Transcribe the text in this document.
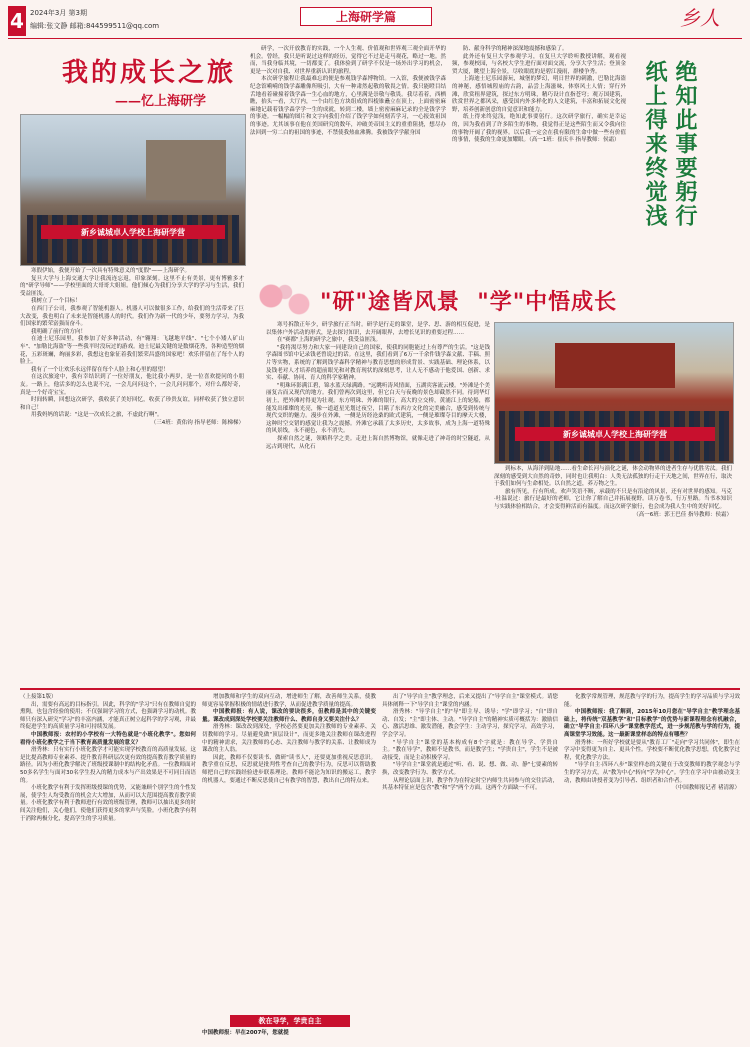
4 2024年3月 第3期
编辑:张文静 邮箱:844599511@qq.com
上海研学篇	乡人
我的成长之旅
——忆上海研学
新乡诚城卓人学校上海研学营

寒假伊始，我便开始了一次具有特殊意义的"度假"——上海研学。

复旦大学与上海交通大学让我流连忘返，印象深刻。这里不止有美景，更有博雅多才的"研学导师"——学校里面的大哥哥大姐姐。他们倾心为我们分享大学的学习与生活，我们受益匪浅。

我树立了一个目标！

在西门子公司，我参观了智能机器人。机器人可以做很多工作，给我们的生活带来了巨大改变，我也明白了未来是智能机器人的时代。我们作为新一代的少年，要努力学习，为我们国家的繁荣富强而奋斗。

我明确了前行的方向！

在迪士尼乐园里，我参加了好多种活动，有"翱翔：飞越地平线"、"七个小矮人矿山车"、"加勒比海盗"等一些我平时没玩过的游戏。迪士尼最关键的是数烟花秀，各种造型的烟花，五彩斑斓，绚丽多彩，我想这也象征着我们繁荣昌盛的国家吧！欢乐伴留在了每个人的脸上。

我有了一个让欢乐永远伴留在每个人脸上和心里的愿望！

在这次旅途中，我有幸结识到了一位好朋友，他比我小两岁，是一位喜欢提问的小朋友。一路上，他活多的怎么也说不完，一会儿问问这个，一会儿问问那个，对什么都好奇，真是一个好奇宝宝。

时间转瞬，回想这次研学，我收获了美好回忆，收获了珍贵友谊，同样收获了独立意识和自己！

用我妈妈的话说："这是一次成长之旅，不虚此行啊"。

（三4班：黄佑钧 指导老师：陈梯梯）

研学，一次开放教育的实践，一个人生观、价值观和世界观三观全面开华的机会。曾经，我只是听说过这样的经历，觉得它不过是走马观花，略过一地。然而，当我身临其境，一切都变了。我体验到了研学不仅是一场外出学习的机会，更是一次对自我、对世界重新认识的旅程。

本次研学旅程让我最难忘的便是参观钱学森博物馆。一入馆，我便被钱学森纪念馆嗬嗬的钱学森雕像所吸引，大有一种肃然起敬的敬畏之情。我只能瞪目结舌地看着碰撞着钱学森一生心血的地方，心里满是崇敬与敬畏。我尽着着，西栖瞧，抬头一看，大厅内，一个由红色方块组成的四棱锥矗立在顶上，上面密密麻麻地记载着钱学森学学一生的成就，转到二楼，墙上密密麻麻记录的全是钱学学的事迹。一幅幅的图片和文字向我们介绍了钱学学如何刻苦学习，一心报效祖国的事迹。尤其该事在他在美国研究的数年，冲破美帝国主义的重重阻挠，想尽办法回到一穷二白的祖国的事迹，不禁使我热血沸腾。我被钱学学献身国

防、献身科学的精神深深地震撼和感染了。

此外还有复旦大学参观学习，在复旦大学聆听教授讲解，观看视频，参观校园，与名校大学生进行面对面交流，分享大学生活；登顶金贸大厦，眺望上海全景，尽收眼底的是碧江漫雨，群楼争秀。

上海迪士尼乐园游玩，城堡的梦幻，明日世界的刺激，巴勒比海盗的神秘，感悟城隍庙的古韵，品尝上海滋味，体察风土人情；穿行外滩，欣赏租界建筑，探过东方明珠，精巧设计直指苍穹；观万国建筑，欣赏世界之都风采，感受国内外多样化的人文建筑，丰富和拓展文化视野，培养创新创意的自觉意识和能力。

纸上得来终觉浅，绝知此事要躬行。这次研学旅行，确实是幸运的，因为我看到了许多陌生的事物，我觉得正是这些陌生而又令我向往的事物开阔了我的视界。以后我一定会在我有限的生命中做一些有价值的事情，使我的生命更加耀眼。（高一1班：崔庆丰 指导教师：侯霜） 绝知此事要躬行
纸上得来终觉浅
"研"途皆风景  "学"中悟成长

寒号拆散正年少，研学旅行正当时。研学是行走的课堂，是学、思、游的相互促进，是以集体户外活动的形式，是去探讨知识，去开阔眼界，去增长见识的重要过程……

在"赛都"上海的研学之旅中，我受益匪浅。

"我将渴尽努力和大家一同建设自己的国家，使我的同胞能过上有尊严的生活。"这是钱学森图书馆中记录钱老曾说过的话。在这里，我们看到了6万一千余件钱学森文献、手稿、照片等实物，系统的了解到钱学森科学精神与教育思想的形成背景、实践基础、理论体系，以及钱老对人才培养的超前眼光和对教育现状的深刻思考，让人无不感动于他爱国、创新、求实、奉献、协同、育人的科学家精神。

"明珠环影满江碧，锦水蓝天绿满路。"远眺听涛风情面，五湖宾客流云楼。"外滩是个美丽复古而又现代的地方。我们曾两次到这里，但它白天与夜晚的景色却截然不同。待到华灯初上，把外滩衬得更为壮观。东方明珠、外滩的银行，高大的立交桥，黄浦江上的轮船，都能发出璀璨的光亮，像一道道星光划过夜空，目睹了东西方文化的完美融合，感受到传统与现代交织的魅力。漫步在外滩，一侧是历经沧桑的欧式建筑，一侧是璀璨夺目的摩天大楼，这种时空交错的感觉让我为之震撼。外滩它承载了太多历史，太多故事，成为上海一道特殊的风景线，永不褪色，永不消失。

探索自然之谜，领略科学之美。走进上海自然博物馆，就像走进了神奇的时空隧道，从远古到现代，从化石

新乡诚城卓人学校上海研学营

到标本，从海洋到陆地……看生命长河与演化之谜，体会动物界的进者生存与优胜劣汰。我们深刻的感受到大自然的奇妙，同时也让我明白：人类无法孤独的行走于天地之间，世界在行，取决于我们如何与生命相处。以自然之道，养万物之生。

旅有所见，行有所成。欢声笑语不断，承载的不只是有沿途的风景，还有对世界的感知。马克·吐温说过：旅行是最好的老师，它让你了解自己并拓展视野。读万卷书，行万里路。当书本知识与实践体验相结合，才会变得鲜活而有温度。而这次研学旅行，也会成为我人生中的美好回忆。

（高一6班：郭王巴佳 指导教师：侯霜）

（上接第1版）

出，需要有高远的目标指引。因此，科学的"学习"只有在教师自觉的熏陶，也包含经验的使用；不仅强调学习的方式，也强调学习的动机。教师只有深入研究"学习"的丰富内涵，才能真正树立起科学的学习观，并最终促进学生的高质量学习和可持续发展。

中国教师报：农村的小学校有一大特色就是"小班化教学"。您如何看待小班化教学之于当下教育高质量发展的意义？

滑秀林：只有实行小班化教学才可能实现学校教育的高质量发展。这是比提高教师专业素养、提升教育科研层次更有效的提高教育教学质量的路径。因为小班化教学解决了班级授课制中的结构化矛盾。一位教师面对50多名学生与面对30名学生投入的精力成本与产出效果是不可同日而语的。

小班化教学有利于发挥班级授课的优势，又能兼顾个别学生的个性发展，使学生人均受教育的机会大大增加，从而可以大范围提高教育教学质量。小班化教学有利于教师进行有效的班级管理，教师可以抽出更多的时间关注他们，关心他们，使他们获得更多的掌声与笑脸。小班化教学有利于消除两极分化，提高学生的学习质量。

增加教师和学生的双向互动，增进师生了解，改善师生关系，使教师更容易掌握积极的情绪进行教学，从而促进教学质量的提高。

中国教师报：有人说，课改的要诀很多，但教师是其中的关键变量。课改成到深处学校要关注教师什么、教师自身又要关注什么？

滑秀林：课改改到深处，学校必然要更加关注教师的专业素养、关切教师的学习。尽量避免做"顶层设计"，而更多地关注教师在课改进程中的精神需求，关注教师的心态、关注教师与教学的关系、让教师成为课改的主人翁。

因此，教师不仅要读书、做研"读书人"，还要更加重视反思意识。教学重在反思，反思就是批判性考查自己的教学行为，反思可以帮助教师把自己的实践经验进步联系理论。教师不能沦为知识的搬运工，教学的机器人，要通过不断反思使自己有教学的智慧，教出自己的特点来。

教在导学，学贵自主
中国教师报：早在2007年，您就提

出了"导学自主"教学理念，后来又提出了"导学自主"课堂模式。请您具体阐释一下"导学自主"课堂的内涵。

滑秀林："导学自主"的"导"即主导、诱导；"学"即学习；"自"即自动、自发；"主"即主体、主动。"导学自主"的精神实质可概括为：激励信心、激活思维、激发潜能，教会学生：主动学习，探究学习，高效学习，学会学习。

"导学自主"课堂的基本构成有8个字就是：教在导学、学贵自主。"教在导学"，教师不是教书，而是教学生；"学贵自主"，学生不是被动接受，而是主动积极学习。

"导学自主"课堂就是通过"听、看、说、想、做、动、静"七要素的转换，改变教学行为、教学方式。

从理论层面上讲，教学作为在特定时空内师生共同参与的交往活动，其基本特征应是包含"教"和"学"两个方面。这两个方面缺一不可。

化教学常规管理，规范教与学的行为，提高学生的学习品质与学习效能。

中国教师报：我了解到，2015年10月您在"导学自主"教学理念基础上，将传统"双基教学"和"目标教学"的优势与新课程理念有机融合，确立"导学自主·四环八步"课堂教学范式，进一步规范教与学的行为，提高课堂学习效能。这一最新课堂样态的特点有哪些？

滑秀林：一所好学校就是要从"教育工厂"走向"学习共同体"，即生在学习中变得更为自主、更具个性。学校要不断优化教学思想，优化教学过程，优化教学方法。

"导学自主·四环八步"课堂样态的关键在于改变教师的教学观念与学生的学习方式，从"教为中心"转向"学为中心"。学生在学习中由被动变主动，教师由讲授者变为引导者、组织者和合作者。

（中国教师报记者 褚清源）
